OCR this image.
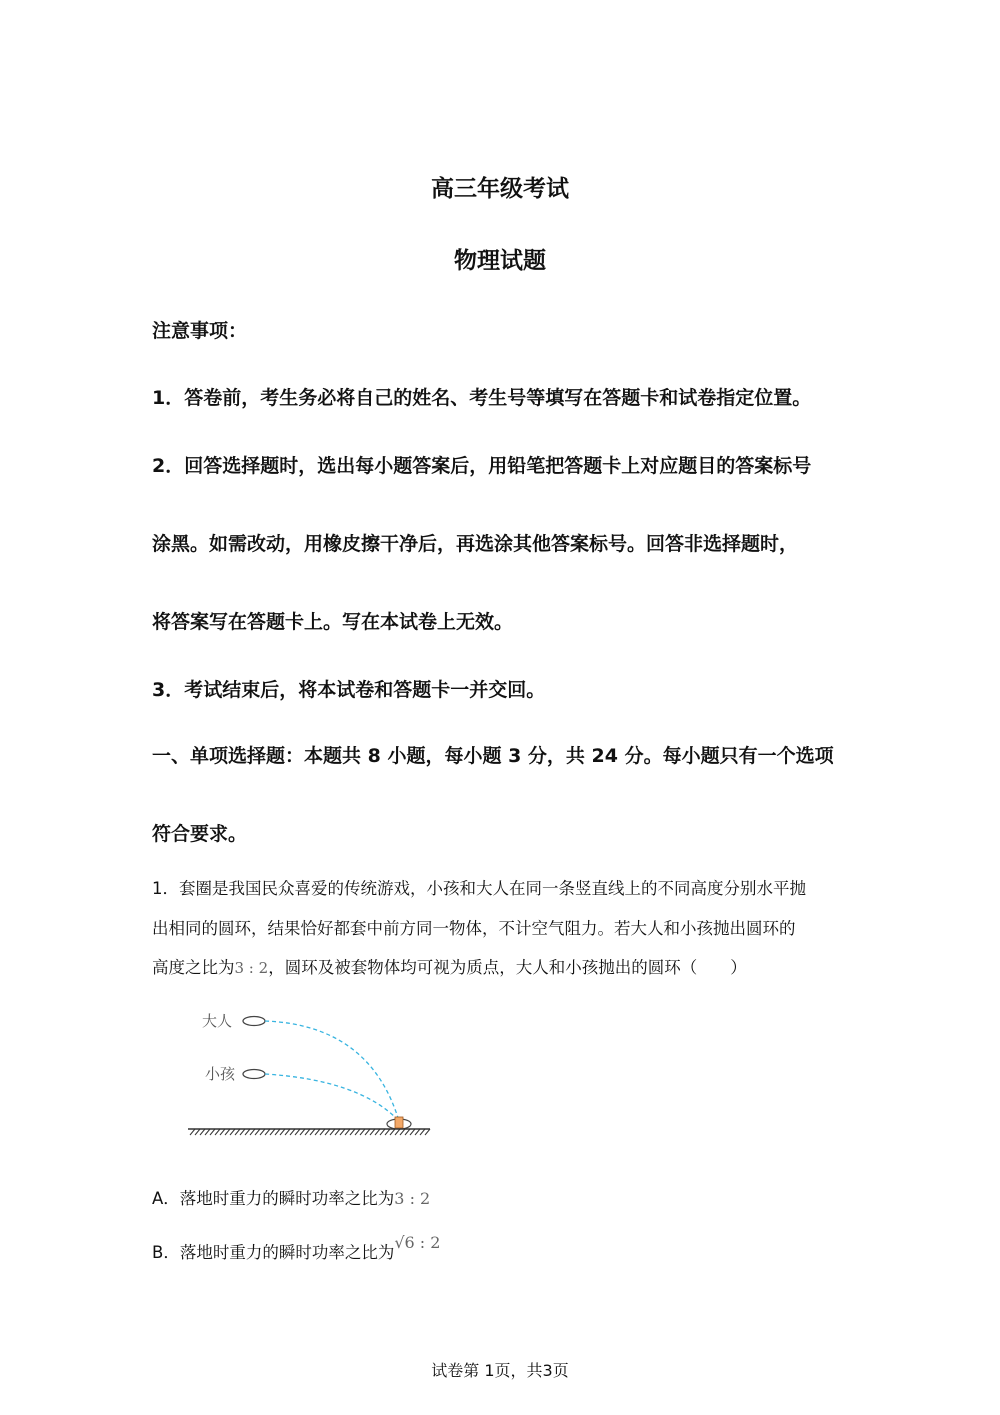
高三年级考试
物理试题
注意事项：
1．答卷前，考生务必将自己的姓名、考生号等填写在答题卡和试卷指定位置。
2．回答选择题时，选出每小题答案后，用铅笔把答题卡上对应题目的答案标号
涂黑。如需改动，用橡皮擦干净后，再选涂其他答案标号。回答非选择题时，
将答案写在答题卡上。写在本试卷上无效。
3．考试结束后，将本试卷和答题卡一并交回。
一、单项选择题：本题共 8 小题，每小题 3 分，共 24 分。每小题只有一个选项
符合要求。
1．套圈是我国民众喜爱的传统游戏，小孩和大人在同一条竖直线上的不同高度分别水平抛
出相同的圆环，结果恰好都套中前方同一物体，不计空气阻力。若大人和小孩抛出圆环的
高度之比为3 : 2，圆环及被套物体均可视为质点，大人和小孩抛出的圆环（　　）
大人
小孩
A．落地时重力的瞬时功率之比为3 : 2
B．落地时重力的瞬时功率之比为√6 : 2
试卷第 1页，共3页
